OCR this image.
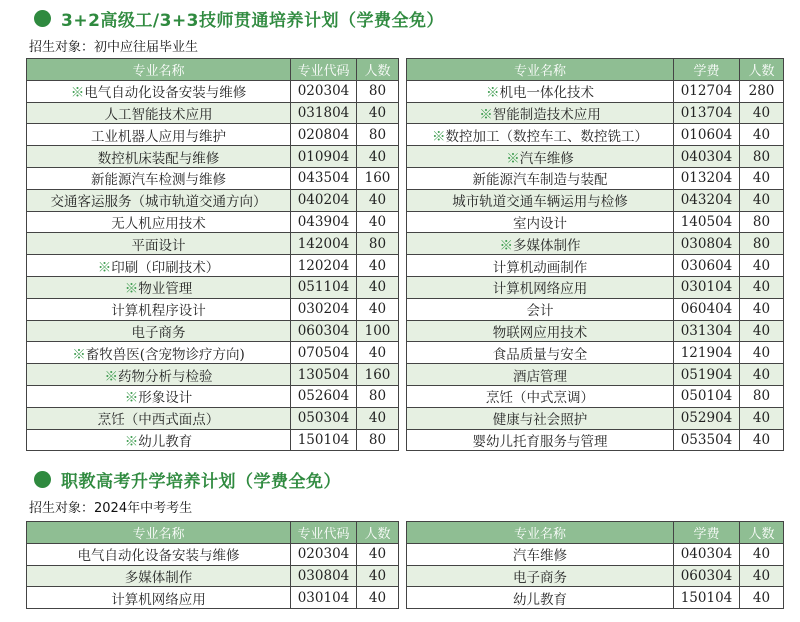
3+2高级工/3+3技师贯通培养计划（学费全免）
招生对象：初中应往届毕业生
专业名称	专业代码	人数		专业名称	学费	人数
※电气自动化设备安装与维修	020304	80		※机电一体化技术	012704	280
人工智能技术应用	031804	40		※智能制造技术应用	013704	40
工业机器人应用与维护	020804	80		※数控加工（数控车工、数控铣工）	010604	40
数控机床装配与维修	010904	40		※汽车维修	040304	80
新能源汽车检测与维修	043504	160		新能源汽车制造与装配	013204	40
交通客运服务（城市轨道交通方向）	040204	40		城市轨道交通车辆运用与检修	043204	40
无人机应用技术	043904	40		室内设计	140504	80
平面设计	142004	80		※多媒体制作	030804	80
※印刷（印刷技术）	120204	40		计算机动画制作	030604	40
※物业管理	051104	40		计算机网络应用	030104	40
计算机程序设计	030204	40		会计	060404	40
电子商务	060304	100		物联网应用技术	031304	40
※畜牧兽医(含宠物诊疗方向)	070504	40		食品质量与安全	121904	40
※药物分析与检验	130504	160		酒店管理	051904	40
※形象设计	052604	80		烹饪（中式烹调）	050104	80
烹饪（中西式面点）	050304	40		健康与社会照护	052904	40
※幼儿教育	150104	80		婴幼儿托育服务与管理	053504	40
职教高考升学培养计划（学费全免）
招生对象：2024年中考考生
专业名称	专业代码	人数		专业名称	学费	人数
电气自动化设备安装与维修	020304	40		汽车维修	040304	40
多媒体制作	030804	40		电子商务	060304	40
计算机网络应用	030104	40		幼儿教育	150104	40
